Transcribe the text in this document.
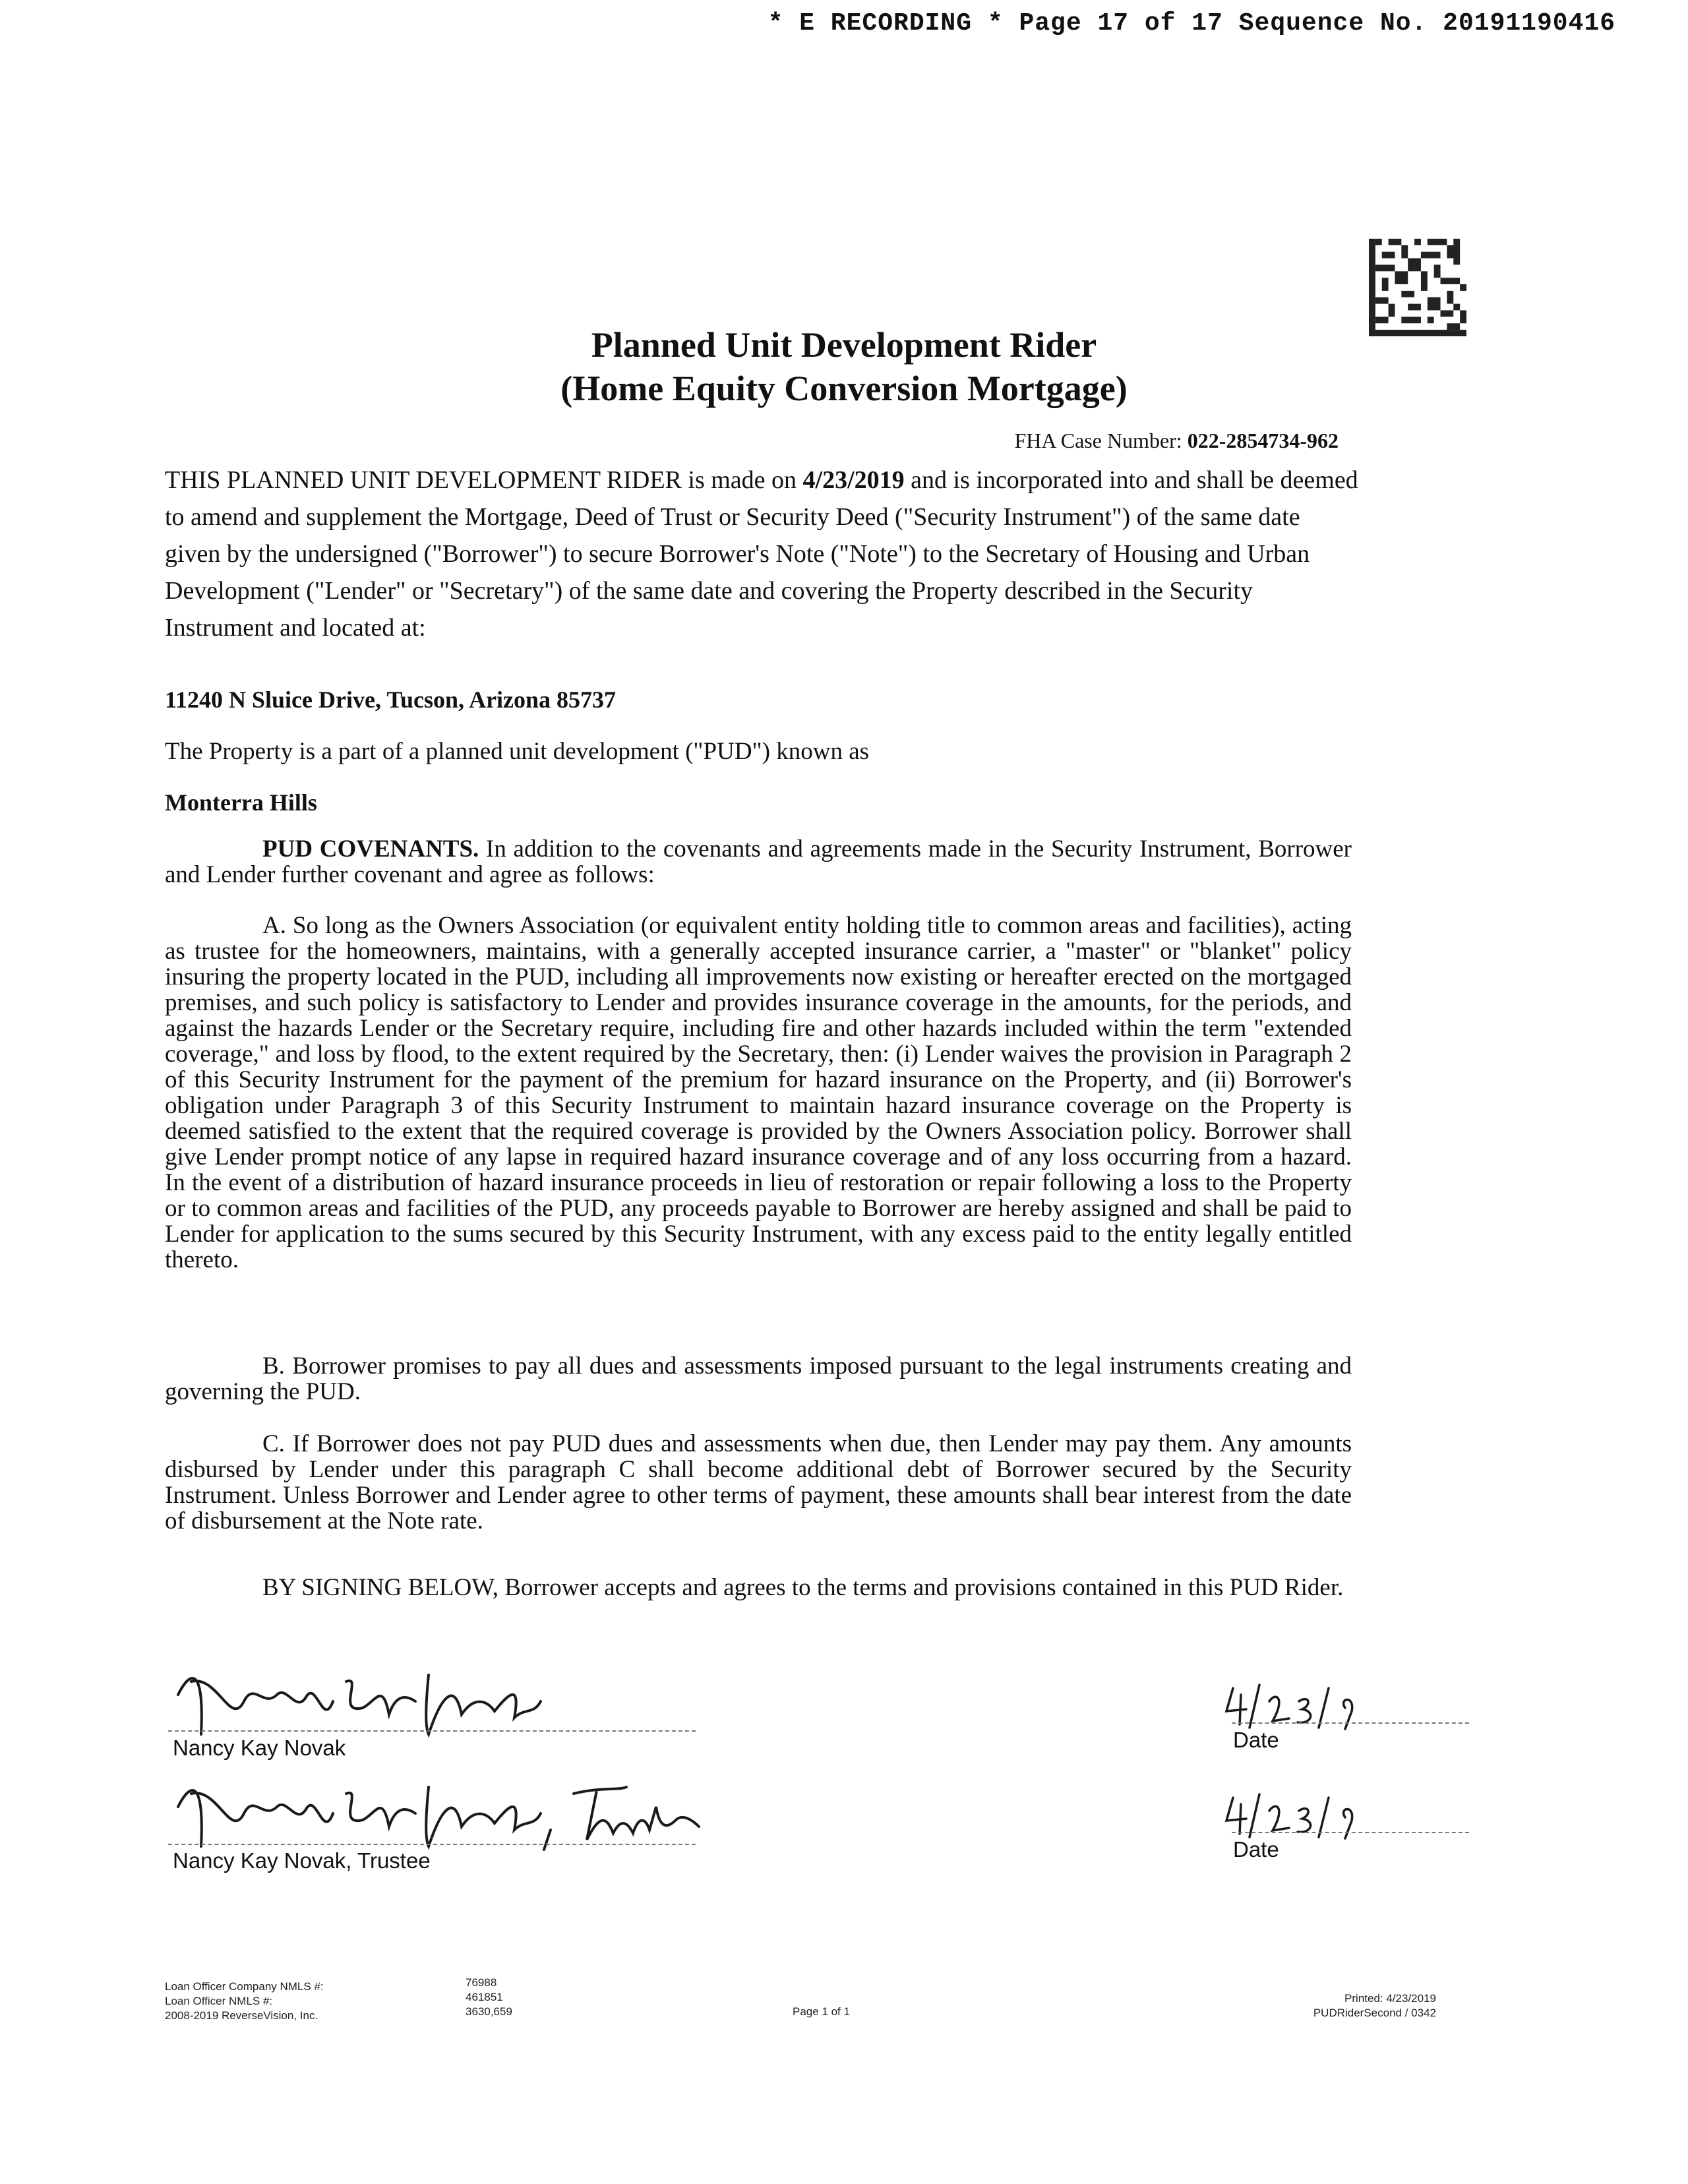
* E RECORDING * Page 17 of 17 Sequence No. 20191190416
Planned Unit Development Rider
(Home Equity Conversion Mortgage)
FHA Case Number: 022-2854734-962
THIS PLANNED UNIT DEVELOPMENT RIDER is made on 4/23/2019 and is incorporated into and shall be deemed to amend and supplement the Mortgage, Deed of Trust or Security Deed ("Security Instrument") of the same date given by the undersigned ("Borrower") to secure Borrower's Note ("Note") to the Secretary of Housing and Urban Development ("Lender" or "Secretary") of the same date and covering the Property described in the Security Instrument and located at:
11240 N Sluice Drive, Tucson, Arizona 85737
The Property is a part of a planned unit development ("PUD") known as
Monterra Hills
PUD COVENANTS. In addition to the covenants and agreements made in the Security Instrument, Borrower and Lender further covenant and agree as follows:
A. So long as the Owners Association (or equivalent entity holding title to common areas and facilities), acting as trustee for the homeowners, maintains, with a generally accepted insurance carrier, a "master" or "blanket" policy insuring the property located in the PUD, including all improvements now existing or hereafter erected on the mortgaged premises, and such policy is satisfactory to Lender and provides insurance coverage in the amounts, for the periods, and against the hazards Lender or the Secretary require, including fire and other hazards included within the term "extended coverage," and loss by flood, to the extent required by the Secretary, then: (i) Lender waives the provision in Paragraph 2 of this Security Instrument for the payment of the premium for hazard insurance on the Property, and (ii) Borrower's obligation under Paragraph 3 of this Security Instrument to maintain hazard insurance coverage on the Property is deemed satisfied to the extent that the required coverage is provided by the Owners Association policy. Borrower shall give Lender prompt notice of any lapse in required hazard insurance coverage and of any loss occurring from a hazard. In the event of a distribution of hazard insurance proceeds in lieu of restoration or repair following a loss to the Property or to common areas and facilities of the PUD, any proceeds payable to Borrower are hereby assigned and shall be paid to Lender for application to the sums secured by this Security Instrument, with any excess paid to the entity legally entitled thereto.
B. Borrower promises to pay all dues and assessments imposed pursuant to the legal instruments creating and governing the PUD.
C. If Borrower does not pay PUD dues and assessments when due, then Lender may pay them. Any amounts disbursed by Lender under this paragraph C shall become additional debt of Borrower secured by the Security Instrument. Unless Borrower and Lender agree to other terms of payment, these amounts shall bear interest from the date of disbursement at the Note rate.
BY SIGNING BELOW, Borrower accepts and agrees to the terms and provisions contained in this PUD Rider.
Nancy Kay Novak	Date
Nancy Kay Novak, Trustee	Date
Loan Officer Company NMLS #:
Loan Officer NMLS #:
2008-2019 ReverseVision, Inc.
76988
461851
3630,659	Page 1 of 1
Printed: 4/23/2019
PUDRiderSecond / 0342
